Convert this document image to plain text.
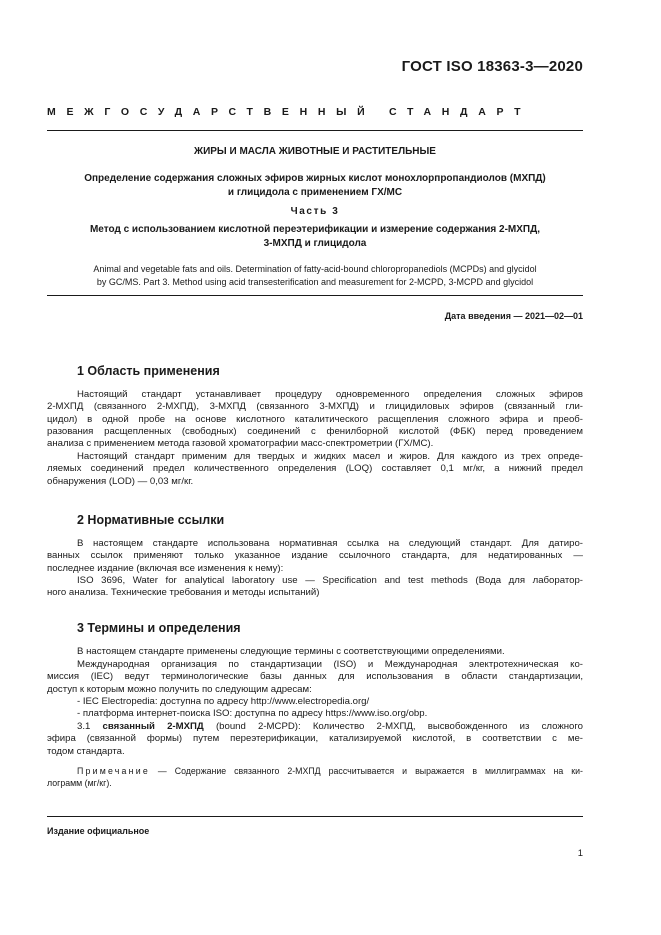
ГОСТ ISO 18363-3—2020
МЕЖГОСУДАРСТВЕННЫЙ СТАНДАРТ
ЖИРЫ И МАСЛА ЖИВОТНЫЕ И РАСТИТЕЛЬНЫЕ
Определение содержания сложных эфиров жирных кислот монохлорпропандиолов (МХПД)
и глицидола с применением ГХ/МС
Часть 3
Метод с использованием кислотной переэтерификации и измерение содержания 2-МХПД,
3-МХПД и глицидола
Animal and vegetable fats and oils. Determination of fatty-acid-bound chloropropanediols (MCPDs) and glycidol
by GC/MS. Part 3. Method using acid transesterification and measurement for 2-MCPD, 3-MCPD and glycidol
Дата введения — 2021—02—01
1 Область применения
Настоящий стандарт устанавливает процедуру одновременного определения сложных эфиров
2-МХПД (связанного 2-МХПД), 3-МХПД (связанного 3-МХПД) и глицидиловых эфиров (связанный гли-
цидол) в одной пробе на основе кислотного каталитического расщепления сложного эфира и преоб-
разования расщепленных (свободных) соединений с фенилборной кислотой (ФБК) перед проведением
анализа с применением метода газовой хроматографии масс-спектрометрии (ГХ/МС).
Настоящий стандарт применим для твердых и жидких масел и жиров. Для каждого из трех опреде-
ляемых соединений предел количественного определения (LOQ) составляет 0,1 мг/кг, а нижний предел
обнаружения (LOD) — 0,03 мг/кг.
2 Нормативные ссылки
В настоящем стандарте использована нормативная ссылка на следующий стандарт. Для датиро-
ванных ссылок применяют только указанное издание ссылочного стандарта, для недатированных —
последнее издание (включая все изменения к нему):
ISO 3696, Water for analytical laboratory use — Specification and test methods (Вода для лаборатор-
ного анализа. Технические требования и методы испытаний)
3 Термины и определения
В настоящем стандарте применены следующие термины с соответствующими определениями.
Международная организация по стандартизации (ISO) и Международная электротехническая ко-
миссия (IEC) ведут терминологические базы данных для использования в области стандартизации,
доступ к которым можно получить по следующим адресам:
- IEC Electropedia: доступна по адресу http://www.electropedia.org/
- платформа интернет-поиска ISO: доступна по адресу https://www.iso.org/obp.
3.1 связанный 2-МХПД (bound 2-MCPD): Количество 2-МХПД, высвобожденного из сложного
эфира (связанной формы) путем переэтерификации, катализируемой кислотой, в соответствии с ме-
тодом стандарта.
Примечание — Содержание связанного 2-МХПД рассчитывается и выражается в миллиграммах на ки-
лограмм (мг/кг).
Издание официальное
1
